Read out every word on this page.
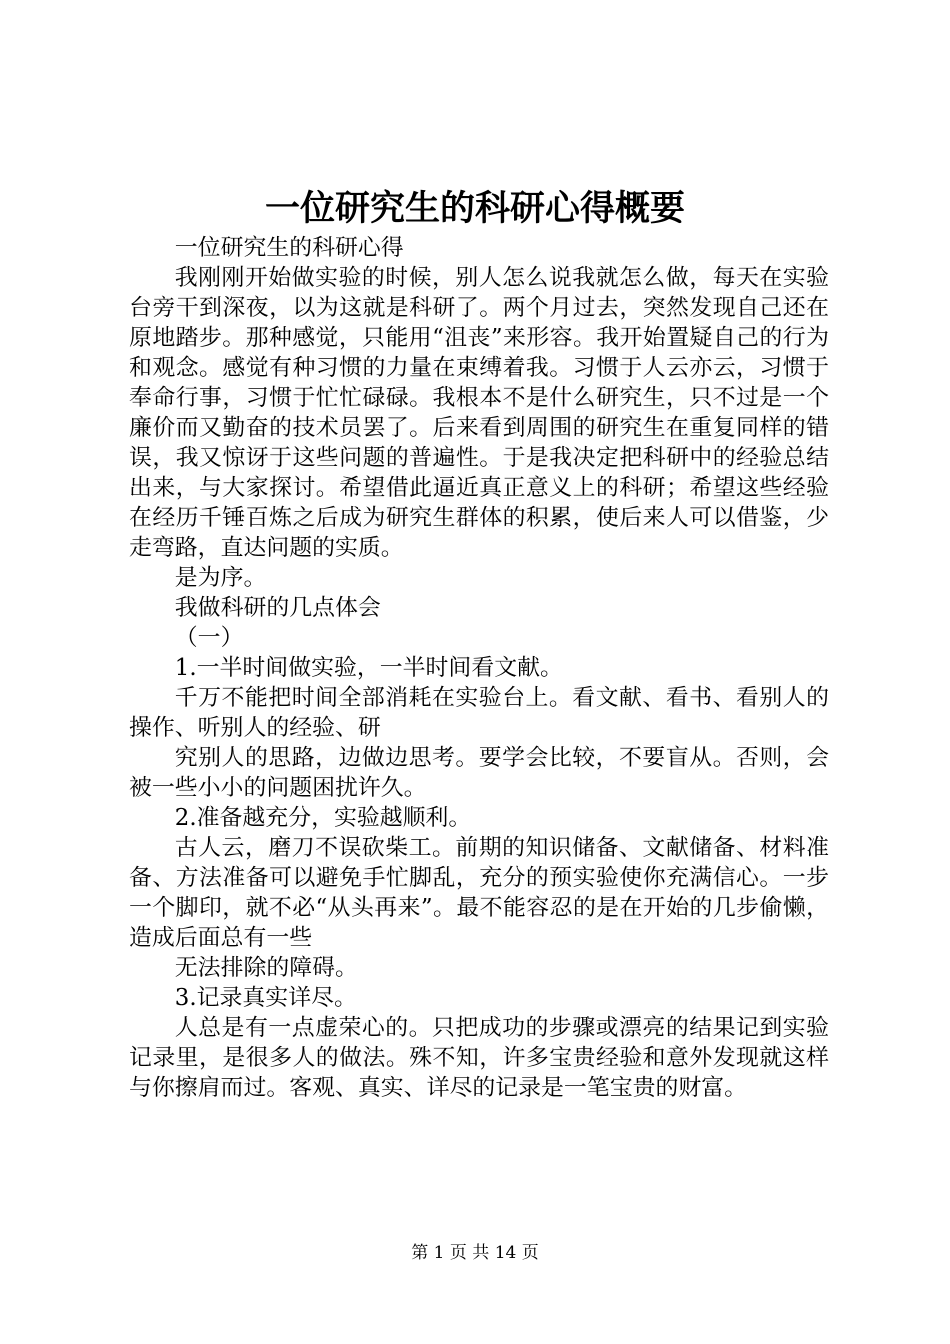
一位研究生的科研心得概要

一位研究生的科研心得

我刚刚开始做实验的时候，别人怎么说我就怎么做，每天在实验台旁干到深夜，以为这就是科研了。两个月过去，突然发现自己还在原地踏步。那种感觉，只能用“沮丧”来形容。我开始置疑自己的行为和观念。感觉有种习惯的力量在束缚着我。习惯于人云亦云，习惯于奉命行事，习惯于忙忙碌碌。我根本不是什么研究生，只不过是一个廉价而又勤奋的技术员罢了。后来看到周围的研究生在重复同样的错误，我又惊讶于这些问题的普遍性。于是我决定把科研中的经验总结出来，与大家探讨。希望借此逼近真正意义上的科研；希望这些经验在经历千锤百炼之后成为研究生群体的积累，使后来人可以借鉴，少走弯路，直达问题的实质。

是为序。

我做科研的几点体会

（一）

1.一半时间做实验，一半时间看文献。

千万不能把时间全部消耗在实验台上。看文献、看书、看别人的操作、听别人的经验、研

究别人的思路，边做边思考。要学会比较，不要盲从。否则，会被一些小小的问题困扰许久。

2.准备越充分，实验越顺利。

古人云，磨刀不误砍柴工。前期的知识储备、文献储备、材料准备、方法准备可以避免手忙脚乱，充分的预实验使你充满信心。一步一个脚印，就不必“从头再来”。最不能容忍的是在开始的几步偷懒，造成后面总有一些

无法排除的障碍。

3.记录真实详尽。

人总是有一点虚荣心的。只把成功的步骤或漂亮的结果记到实验记录里，是很多人的做法。殊不知，许多宝贵经验和意外发现就这样与你擦肩而过。客观、真实、详尽的记录是一笔宝贵的财富。

第 1 页 共 14 页
